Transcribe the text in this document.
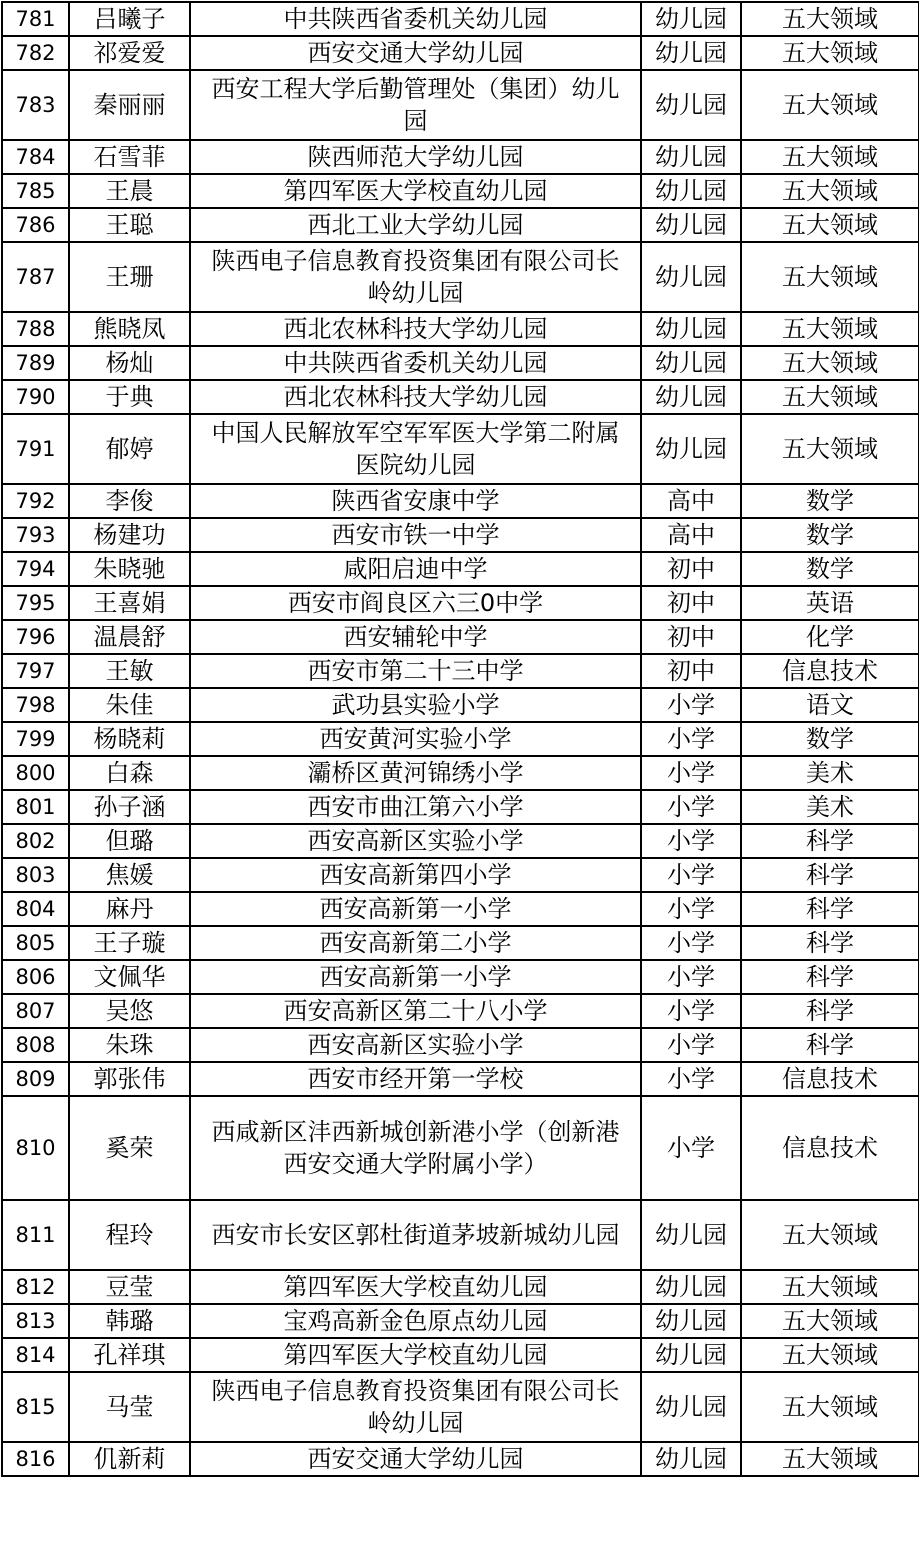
781	吕曦子	中共陕西省委机关幼儿园	幼儿园	五大领域
782	祁爱爱	西安交通大学幼儿园	幼儿园	五大领域
783	秦丽丽	西安工程大学后勤管理处（集团）幼儿园	幼儿园	五大领域
784	石雪菲	陕西师范大学幼儿园	幼儿园	五大领域
785	王晨	第四军医大学校直幼儿园	幼儿园	五大领域
786	王聪	西北工业大学幼儿园	幼儿园	五大领域
787	王珊	陕西电子信息教育投资集团有限公司长岭幼儿园	幼儿园	五大领域
788	熊晓凤	西北农林科技大学幼儿园	幼儿园	五大领域
789	杨灿	中共陕西省委机关幼儿园	幼儿园	五大领域
790	于典	西北农林科技大学幼儿园	幼儿园	五大领域
791	郁婷	中国人民解放军空军军医大学第二附属医院幼儿园	幼儿园	五大领域
792	李俊	陕西省安康中学	高中	数学
793	杨建功	西安市铁一中学	高中	数学
794	朱晓驰	咸阳启迪中学	初中	数学
795	王喜娟	西安市阎良区六三0中学	初中	英语
796	温晨舒	西安辅轮中学	初中	化学
797	王敏	西安市第二十三中学	初中	信息技术
798	朱佳	武功县实验小学	小学	语文
799	杨晓莉	西安黄河实验小学	小学	数学
800	白森	灞桥区黄河锦绣小学	小学	美术
801	孙子涵	西安市曲江第六小学	小学	美术
802	但璐	西安高新区实验小学	小学	科学
803	焦媛	西安高新第四小学	小学	科学
804	麻丹	西安高新第一小学	小学	科学
805	王子璇	西安高新第二小学	小学	科学
806	文佩华	西安高新第一小学	小学	科学
807	吴悠	西安高新区第二十八小学	小学	科学
808	朱珠	西安高新区实验小学	小学	科学
809	郭张伟	西安市经开第一学校	小学	信息技术
810	奚荣	西咸新区沣西新城创新港小学（创新港西安交通大学附属小学）	小学	信息技术
811	程玲	西安市长安区郭杜街道茅坡新城幼儿园	幼儿园	五大领域
812	豆莹	第四军医大学校直幼儿园	幼儿园	五大领域
813	韩璐	宝鸡高新金色原点幼儿园	幼儿园	五大领域
814	孔祥琪	第四军医大学校直幼儿园	幼儿园	五大领域
815	马莹	陕西电子信息教育投资集团有限公司长岭幼儿园	幼儿园	五大领域
816	仉新莉	西安交通大学幼儿园	幼儿园	五大领域
